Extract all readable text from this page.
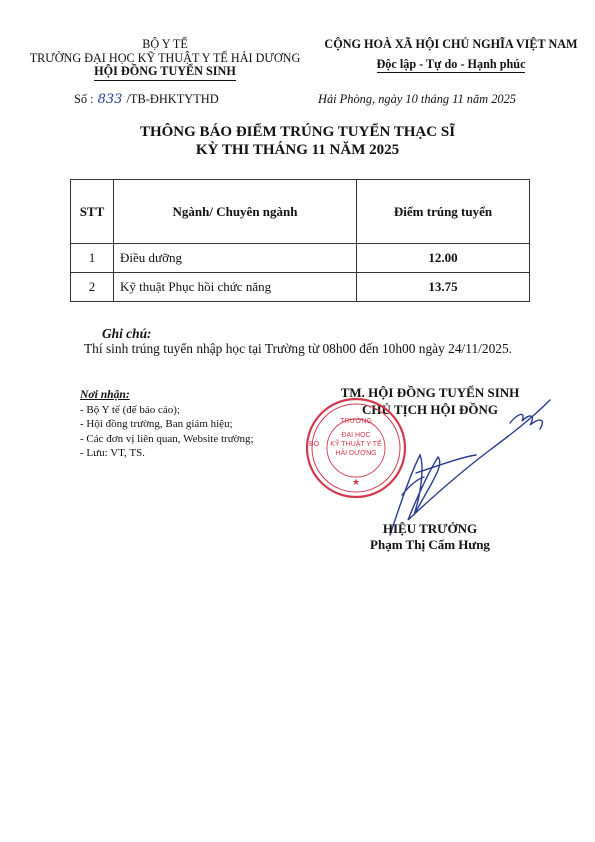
BỘ Y TẾ
TRƯỜNG ĐẠI HỌC KỸ THUẬT Y TẾ HẢI DƯƠNG
HỘI ĐỒNG TUYỂN SINH
CỘNG HOÀ XÃ HỘI CHỦ NGHĨA VIỆT NAM
Độc lập - Tự do - Hạnh phúc
Số : 833 /TB-ĐHKTYTHD	Hải Phòng, ngày 10 tháng 11 năm 2025
THÔNG BÁO ĐIỂM TRÚNG TUYỂN THẠC SĨ
KỲ THI THÁNG 11 NĂM 2025
STT	Ngành/ Chuyên ngành	Điểm trúng tuyển
1	Điều dưỡng	12.00
2	Kỹ thuật Phục hồi chức năng	13.75
Ghi chú:
Thí sinh trúng tuyển nhập học tại Trường từ 08h00 đến 10h00 ngày 24/11/2025.
Nơi nhận:
- Bộ Y tế (để báo cáo);
- Hội đồng trường, Ban giám hiệu;
- Các đơn vị liên quan, Website trường;
- Lưu: VT, TS.
TM. HỘI ĐỒNG TUYỂN SINH
CHỦ TỊCH HỘI ĐỒNG
TRƯỜNG
ĐẠI HỌC
KỸ THUẬT Y TẾ
HẢI DƯƠNG
BỘ
★
HIỆU TRƯỞNG
Phạm Thị Cẩm Hưng
